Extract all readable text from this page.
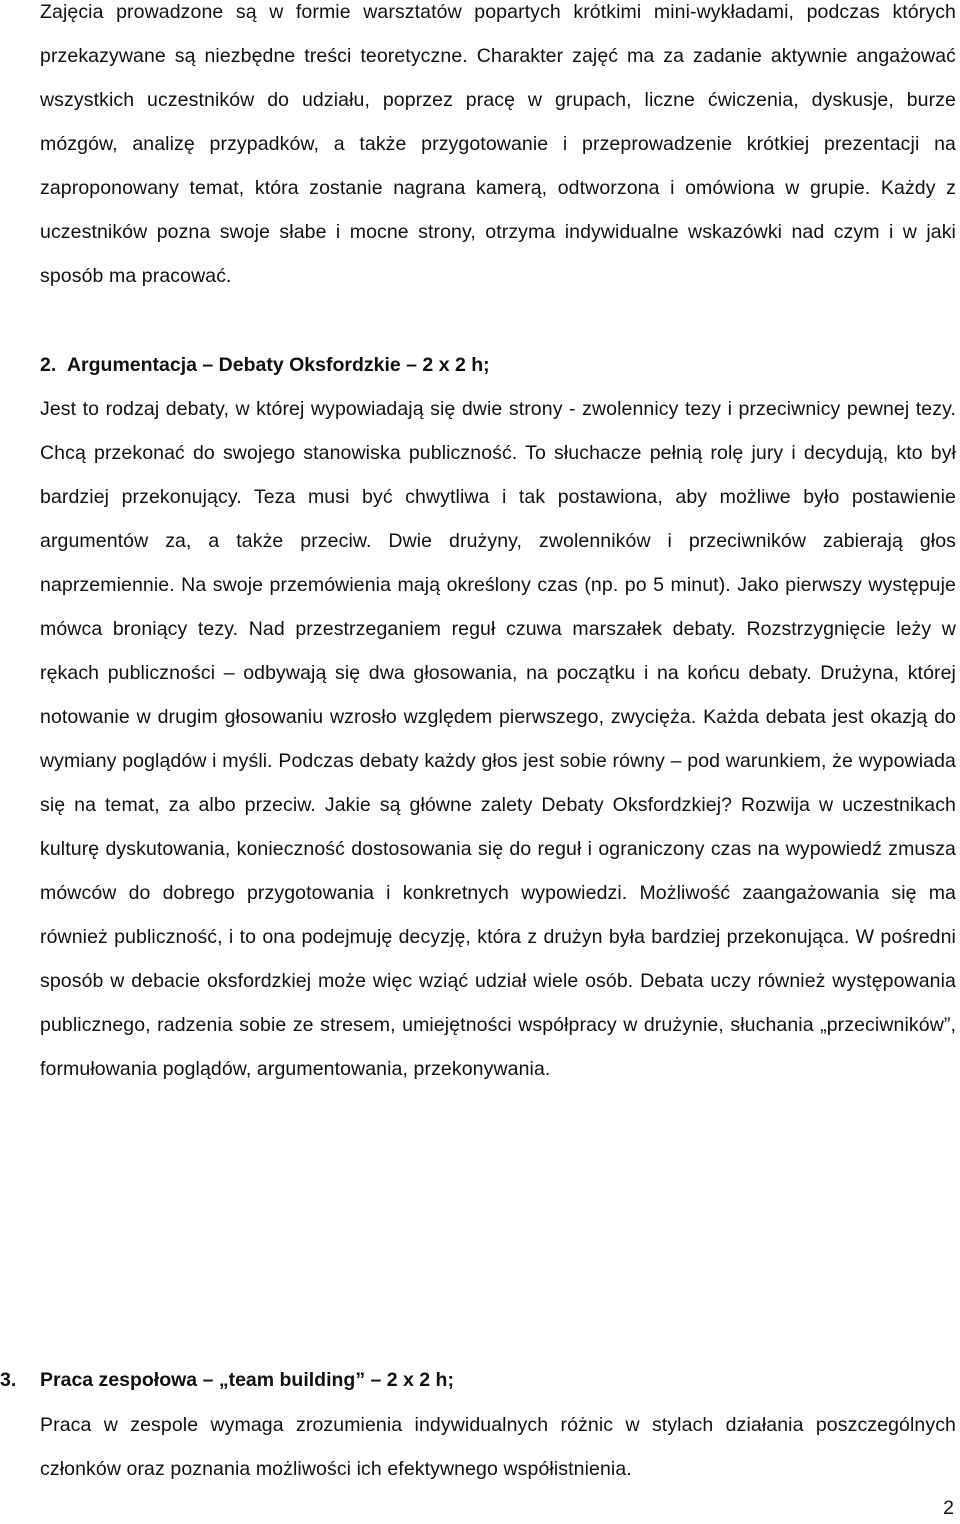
Zajęcia prowadzone są w formie warsztatów popartych krótkimi mini-wykładami, podczas których przekazywane są niezbędne treści teoretyczne. Charakter zajęć ma za zadanie aktywnie angażować wszystkich uczestników do udziału, poprzez pracę w grupach, liczne ćwiczenia, dyskusje, burze mózgów, analizę przypadków, a także przygotowanie i przeprowadzenie krótkiej prezentacji na zaproponowany temat, która zostanie nagrana kamerą, odtworzona i omówiona w grupie. Każdy z uczestników pozna swoje słabe i mocne strony, otrzyma indywidualne wskazówki nad czym i w jaki sposób ma pracować.

2. Argumentacja – Debaty Oksfordzkie – 2 x 2 h;

Jest to rodzaj debaty, w której wypowiadają się dwie strony - zwolennicy tezy i przeciwnicy pewnej tezy. Chcą przekonać do swojego stanowiska publiczność. To słuchacze pełnią rolę jury i decydują, kto był bardziej przekonujący. Teza musi być chwytliwa i tak postawiona, aby możliwe było postawienie argumentów za, a także przeciw. Dwie drużyny, zwolenników i przeciwników zabierają głos naprzemiennie. Na swoje przemówienia mają określony czas (np. po 5 minut). Jako pierwszy występuje mówca broniący tezy. Nad przestrzeganiem reguł czuwa marszałek debaty. Rozstrzygnięcie leży w rękach publiczności – odbywają się dwa głosowania, na początku i na końcu debaty. Drużyna, której notowanie w drugim głosowaniu wzrosło względem pierwszego, zwycięża. Każda debata jest okazją do wymiany poglądów i myśli. Podczas debaty każdy głos jest sobie równy – pod warunkiem, że wypowiada się na temat, za albo przeciw. Jakie są główne zalety Debaty Oksfordzkiej? Rozwija w uczestnikach kulturę dyskutowania, konieczność dostosowania się do reguł i ograniczony czas na wypowiedź zmusza mówców do dobrego przygotowania i konkretnych wypowiedzi. Możliwość zaangażowania się ma również publiczność, i to ona podejmuję decyzję, która z drużyn była bardziej przekonująca. W pośredni sposób w debacie oksfordzkiej może więc wziąć udział wiele osób. Debata uczy również występowania publicznego, radzenia sobie ze stresem, umiejętności współpracy w drużynie, słuchania „przeciwników”, formułowania poglądów, argumentowania, przekonywania.

3. Praca zespołowa – „team building” – 2 x 2 h;

Praca w zespole wymaga zrozumienia indywidualnych różnic w stylach działania poszczególnych członków oraz poznania możliwości ich efektywnego współistnienia.

2
